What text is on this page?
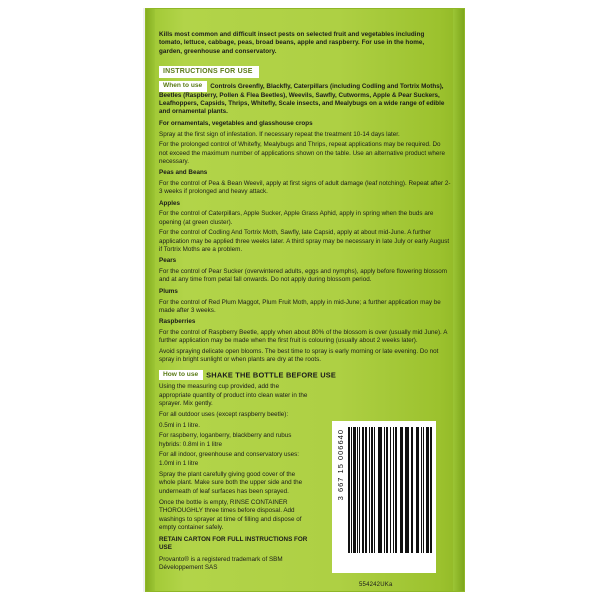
Kills most common and difficult insect pests on selected fruit and vegetables including tomato, lettuce, cabbage, peas, broad beans, apple and raspberry. For use in the home, garden, greenhouse and conservatory.
INSTRUCTIONS FOR USE
When to use Controls Greenfly, Blackfly, Caterpillars (including Codling and Tortrix Moths), Beetles (Raspberry, Pollen & Flea Beetles), Weevils, Sawfly, Cutworms, Apple & Pear Suckers, Leafhoppers, Capsids, Thrips, Whitefly, Scale insects, and Mealybugs on a wide range of edible and ornamental plants.

For ornamentals, vegetables and glasshouse crops

Spray at the first sign of infestation. If necessary repeat the treatment 10-14 days later.

For the prolonged control of Whitefly, Mealybugs and Thrips, repeat applications may be required. Do not exceed the maximum number of applications shown on the table. Use an alternative product where necessary.

Peas and Beans

For the control of Pea & Bean Weevil, apply at first signs of adult damage (leaf notching). Repeat after 2-3 weeks if prolonged and heavy attack.

Apples

For the control of Caterpillars, Apple Sucker, Apple Grass Aphid, apply in spring when the buds are opening (at green cluster).

For the control of Codling And Tortrix Moth, Sawfly, late Capsid, apply at about mid-June. A further application may be applied three weeks later. A third spray may be necessary in late July or early August if Tortrix Moths are a problem.

Pears

For the control of Pear Sucker (overwintered adults, eggs and nymphs), apply before flowering blossom and at any time from petal fall onwards. Do not apply during blossom period.

Plums

For the control of Red Plum Maggot, Plum Fruit Moth, apply in mid-June; a further application may be made after 3 weeks.

Raspberries

For the control of Raspberry Beetle, apply when about 80% of the blossom is over (usually mid June). A further application may be made when the first fruit is colouring (usually about 2 weeks later).

Avoid spraying delicate open blooms. The best time to spray is early morning or late evening. Do not spray in bright sunlight or when plants are dry at the roots.

How to use SHAKE THE BOTTLE BEFORE USE

Using the measuring cup provided, add the appropriate quantity of product into clean water in the sprayer. Mix gently.

For all outdoor uses (except raspberry beetle):

0.5ml in 1 litre.

For raspberry, loganberry, blackberry and rubus hybrids: 0.8ml in 1 litre

For all indoor, greenhouse and conservatory uses: 1.0ml in 1 litre

Spray the plant carefully giving good cover of the whole plant. Make sure both the upper side and the underneath of leaf surfaces has been sprayed.

Once the bottle is empty, RINSE CONTAINER THOROUGHLY three times before disposal. Add washings to sprayer at time of filling and dispose of empty container safely.

RETAIN CARTON FOR FULL INSTRUCTIONS FOR USE

Provanto® is a registered trademark of SBM Développement SAS

3 667 15 006640
554242UKa
